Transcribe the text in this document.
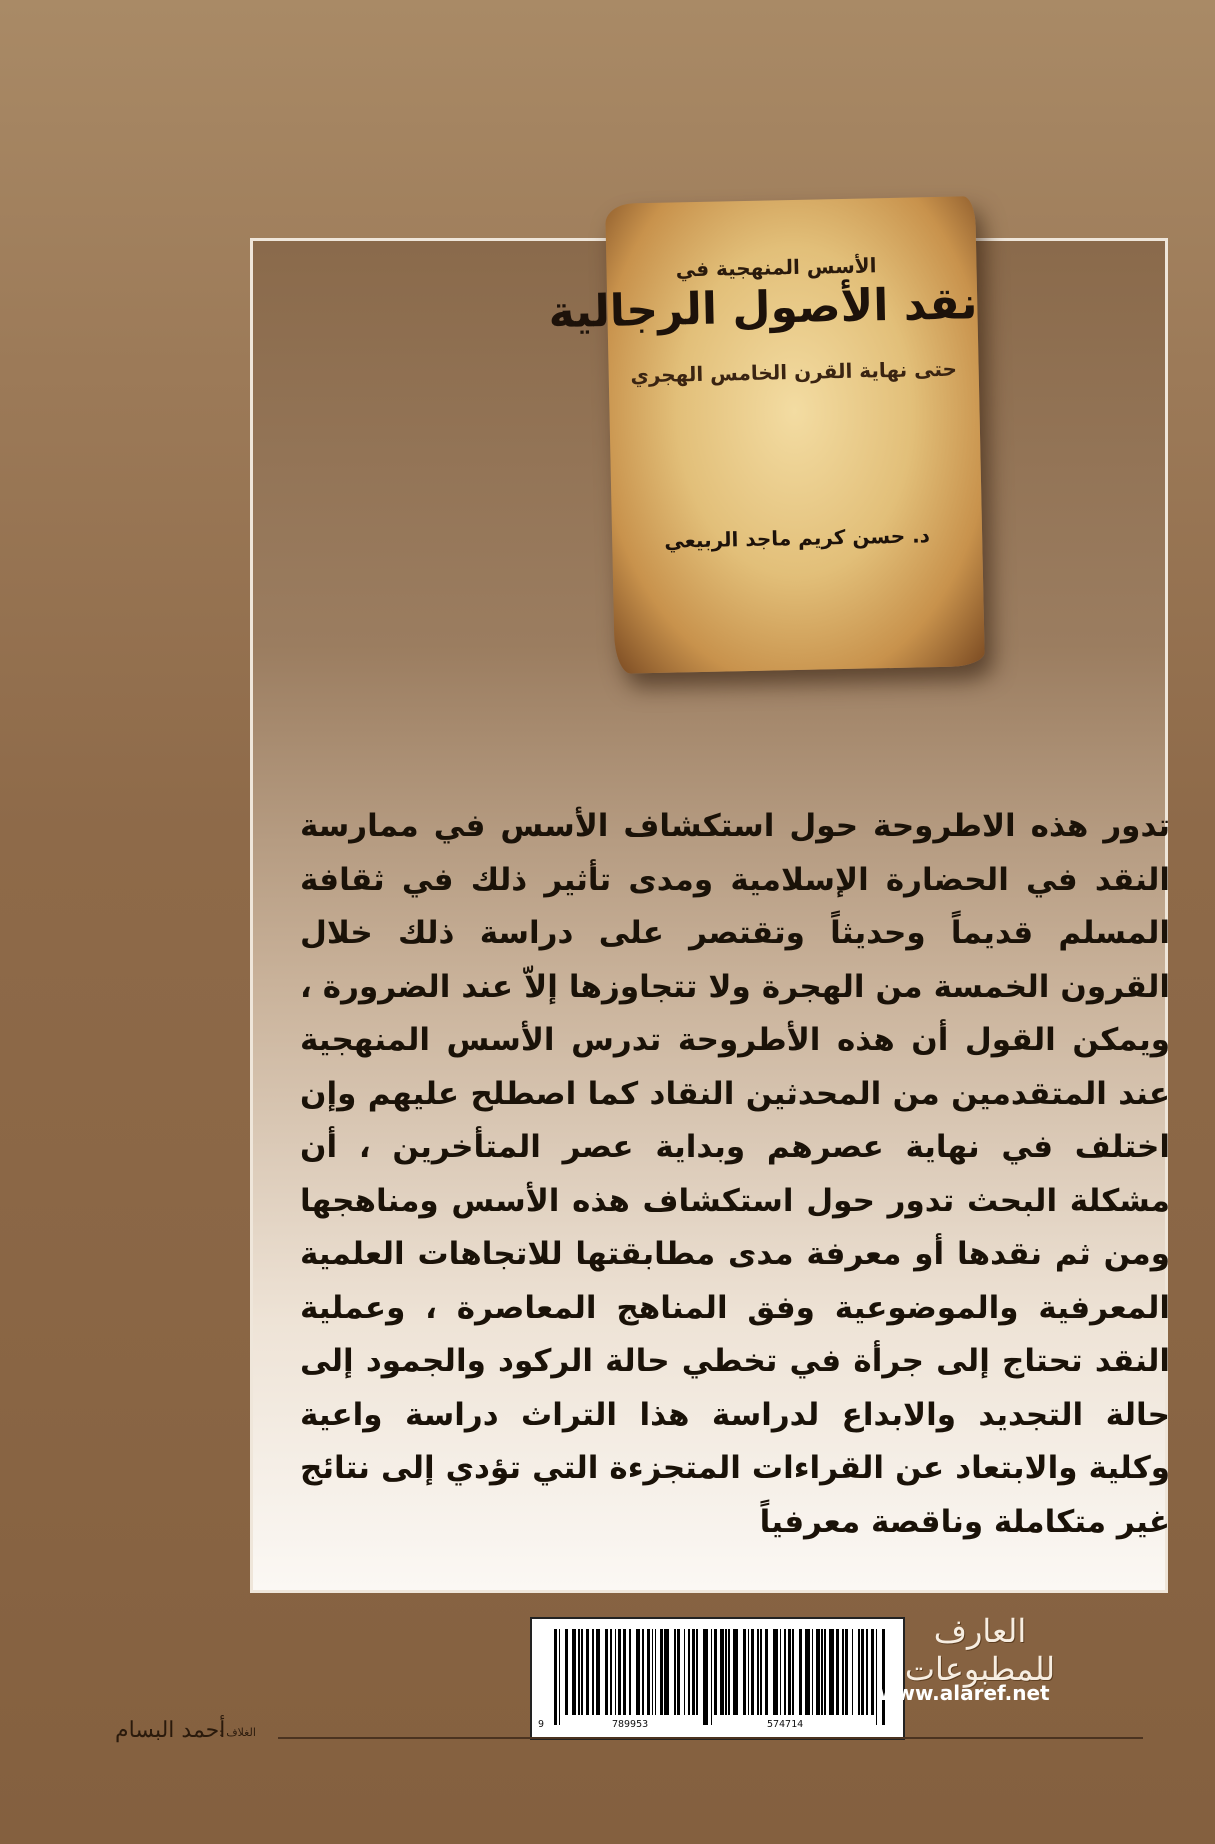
الأسس المنهجية في
نقد الأصول الرجالية
حتى نهاية القرن الخامس الهجري
د. حسن كريم ماجد الربيعي
تدور هذه الاطروحة حول استكشاف الأسس في ممارسة النقد في الحضارة الإسلامية ومدى تأثير ذلك في ثقافة المسلم قديماً وحديثاً وتقتصر على دراسة ذلك خلال القرون الخمسة من الهجرة ولا تتجاوزها إلاّ عند الضرورة ، ويمكن القول أن هذه الأطروحة تدرس الأسس المنهجية عند المتقدمين من المحدثين النقاد كما اصطلح عليهم وإن اختلف في نهاية عصرهم وبداية عصر المتأخرين ، أن مشكلة البحث تدور حول استكشاف هذه الأسس ومناهجها ومن ثم نقدها أو معرفة مدى مطابقتها للاتجاهات العلمية المعرفية والموضوعية وفق المناهج المعاصرة ، وعملية النقد تحتاج إلى جرأة في تخطي حالة الركود والجمود إلى حالة التجديد والابداع لدراسة هذا التراث دراسة واعية وكلية والابتعاد عن القراءات المتجزءة التي تؤدي إلى نتائج غير متكاملة وناقصة معرفياً
9	789953	574714
العارف للمطبوعات
www.alaref.net
الغلاف :
أحمد البسام
